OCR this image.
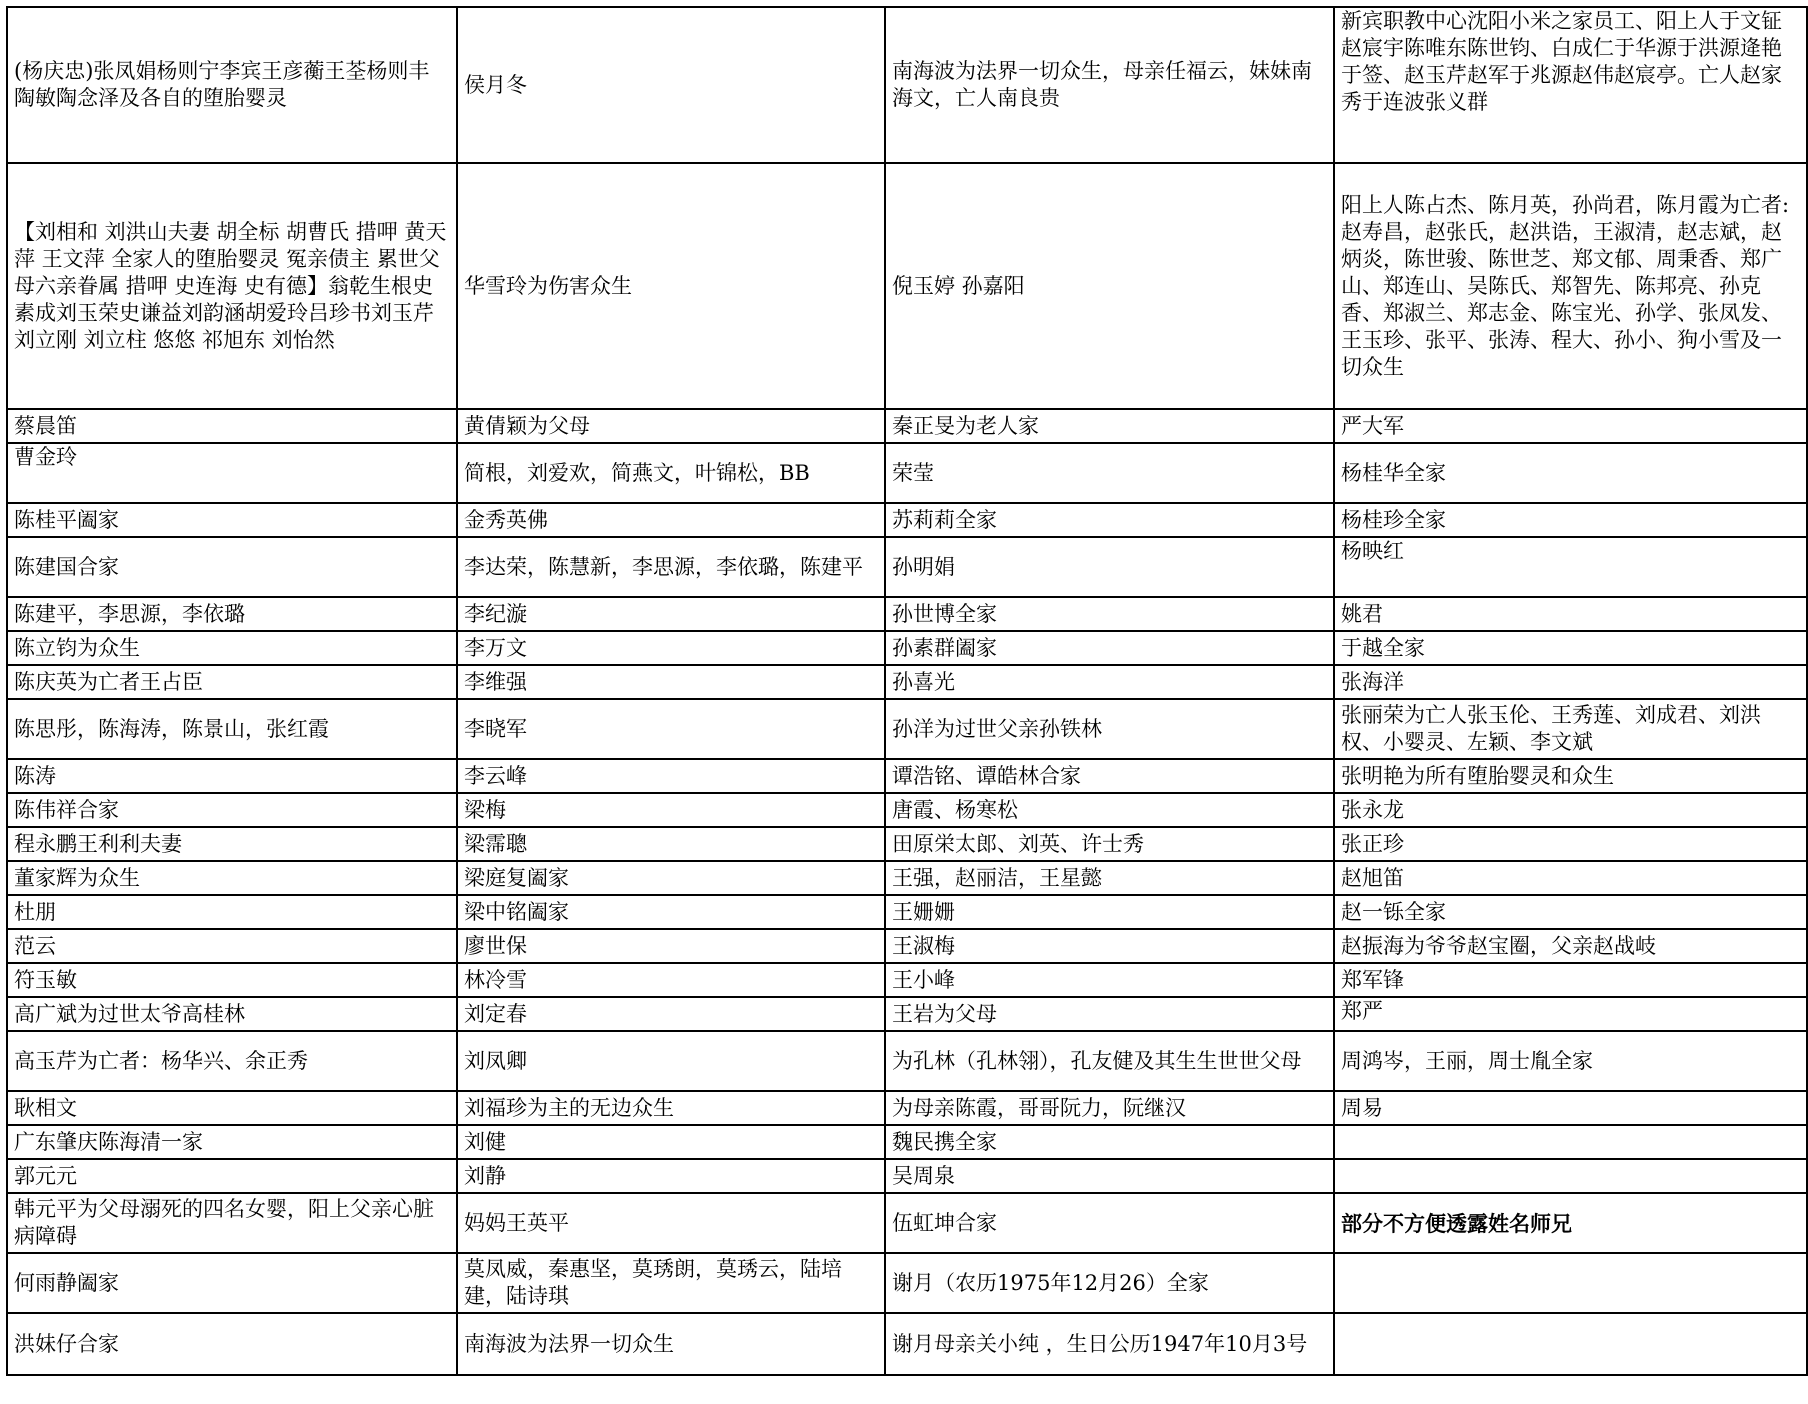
(杨庆忠)张凤娟杨则宁李宾王彦蘅王荃杨则丰陶敏陶念泽及各自的堕胎婴灵	侯月冬	南海波为法界一切众生，母亲任福云，妹妹南海文，亡人南良贵	新宾职教中心沈阳小米之家员工、阳上人于文钲赵宸宇陈唯东陈世钧、白成仁于华源于洪源逄艳于签、赵玉芹赵军于兆源赵伟赵宸亭。亡人赵家秀于连波张义群
【刘相和 刘洪山夫妻 胡全标 胡曹氏 措呷 黄天萍 王文萍 全家人的堕胎婴灵 冤亲债主 累世父母六亲眷属 措呷 史连海 史有德】翁乾生根史素成刘玉荣史谦益刘韵涵胡爱玲吕珍书刘玉芹 刘立刚 刘立柱 悠悠 祁旭东 刘怡然	华雪玲为伤害众生	倪玉婷 孙嘉阳	阳上人陈占杰、陈月英，孙尚君，陈月霞为亡者:赵寿昌，赵张氏，赵洪诰，王淑清，赵志斌，赵炳炎，陈世骏、陈世芝、郑文郁、周秉香、郑广山、郑连山、吴陈氏、郑智先、陈邦亮、孙克香、郑淑兰、郑志金、陈宝光、孙学、张凤发、王玉珍、张平、张涛、程大、孙小、狗小雪及一切众生
蔡晨笛	黄倩颖为父母	秦正旻为老人家	严大军
曹金玲	简根，刘爱欢，简燕文，叶锦松，BB	荣莹	杨桂华全家
陈桂平阖家	金秀英佛	苏莉莉全家	杨桂珍全家
陈建国合家	李达荣，陈慧新，李思源，李依璐，陈建平	孙明娟	杨映红
陈建平，李思源，李依璐	李纪漩	孙世博全家	姚君
陈立钧为众生	李万文	孙素群阖家	于越全家
陈庆英为亡者王占臣	李维强	孙喜光	张海洋
陈思彤，陈海涛，陈景山，张红霞	李晓军	孙洋为过世父亲孙铁林	张丽荣为亡人张玉伦、王秀莲、刘成君、刘洪权、小婴灵、左颖、李文斌
陈涛	李云峰	谭浩铭、谭皓林合家	张明艳为所有堕胎婴灵和众生
陈伟祥合家	梁梅	唐霞、杨寒松	张永龙
程永鹏王利利夫妻	梁霈聰	田原栄太郎、刘英、许士秀	张正珍
董家辉为众生	梁庭复阖家	王强，赵丽洁，王星懿	赵旭笛
杜朋	梁中铭阖家	王姗姗	赵一铄全家
范云	廖世保	王淑梅	赵振海为爷爷赵宝圈，父亲赵战岐
符玉敏	林冷雪	王小峰	郑军锋
高广斌为过世太爷高桂林	刘定春	王岩为父母	郑严
高玉芹为亡者：杨华兴、余正秀	刘凤卿	为孔林（孔林翎），孔友健及其生生世世父母	周鸿岑，王丽，周士胤全家
耿相文	刘福珍为主的无边众生	为母亲陈霞，哥哥阮力，阮继汉	周易
广东肇庆陈海清一家	刘健	魏民携全家	
郭元元	刘静	吴周泉	
韩元平为父母溺死的四名女婴，阳上父亲心脏病障碍	妈妈王英平	伍虹坤合家	部分不方便透露姓名师兄
何雨静阖家	莫凤威，秦惠坚，莫琇朗，莫琇云，陆培建，陆诗琪	谢月（农历1975年12月26）全家	
洪妹仔合家	南海波为法界一切众生	谢月母亲关小纯 ，生日公历1947年10月3号	
